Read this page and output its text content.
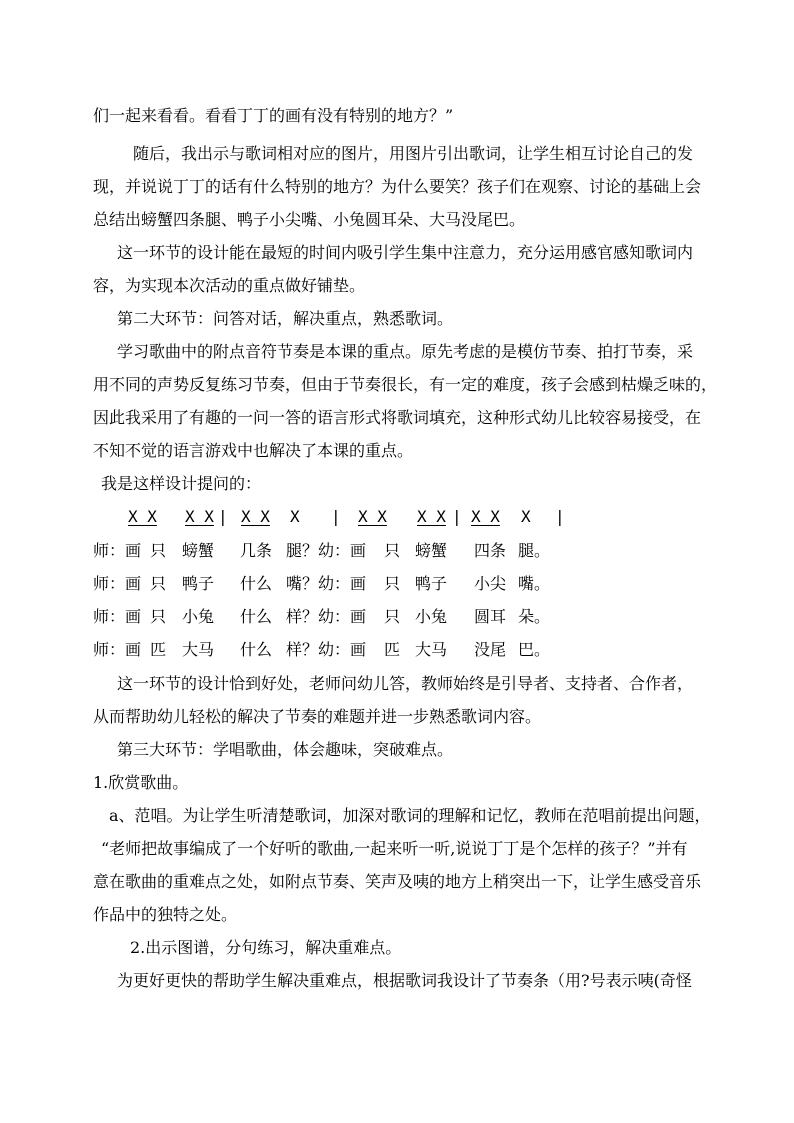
们一起来看看。看看丁丁的画有没有特别的地方？”
随后，我出示与歌词相对应的图片，用图片引出歌词，让学生相互讨论自己的发
现，并说说丁丁的话有什么特别的地方？为什么要笑？孩子们在观察、讨论的基础上会
总结出螃蟹四条腿、鸭子小尖嘴、小兔圆耳朵、大马没尾巴。
这一环节的设计能在最短的时间内吸引学生集中注意力，充分运用感官感知歌词内
容，为实现本次活动的重点做好铺垫。
第二大环节：问答对话，解决重点，熟悉歌词。
学习歌曲中的附点音符节奏是本课的重点。原先考虑的是模仿节奏、拍打节奏，采
用不同的声势反复练习节奏，但由于节奏很长，有一定的难度，孩子会感到枯燥乏味的，
因此我采用了有趣的一问一答的语言形式将歌词填充，这种形式幼儿比较容易接受，在
不知不觉的语言游戏中也解决了本课的重点。
我是这样设计提问的：
X X X X | X X X | X X X X | X X X |
师：画 只 螃蟹 几条 腿？ 幼：画 只 螃蟹 四条 腿。
师：画 只 鸭子 什么 嘴？ 幼：画 只 鸭子 小尖 嘴。
师：画 只 小兔 什么 样？ 幼：画 只 小兔 圆耳 朵。
师：画 匹 大马 什么 样？ 幼：画 匹 大马 没尾 巴。
这一环节的设计恰到好处，老师问幼儿答，教师始终是引导者、支持者、合作者，
从而帮助幼儿轻松的解决了节奏的难题并进一步熟悉歌词内容。
第三大环节：学唱歌曲，体会趣味，突破难点。
1.欣赏歌曲。
a、范唱。为让学生听清楚歌词，加深对歌词的理解和记忆，教师在范唱前提出问题，
“老师把故事编成了一个好听的歌曲,一起来听一听,说说丁丁是个怎样的孩子？”并有
意在歌曲的重难点之处，如附点节奏、笑声及咦的地方上稍突出一下，让学生感受音乐
作品中的独特之处。
2.出示图谱，分句练习，解决重难点。
为更好更快的帮助学生解决重难点，根据歌词我设计了节奏条（用?号表示咦(奇怪
